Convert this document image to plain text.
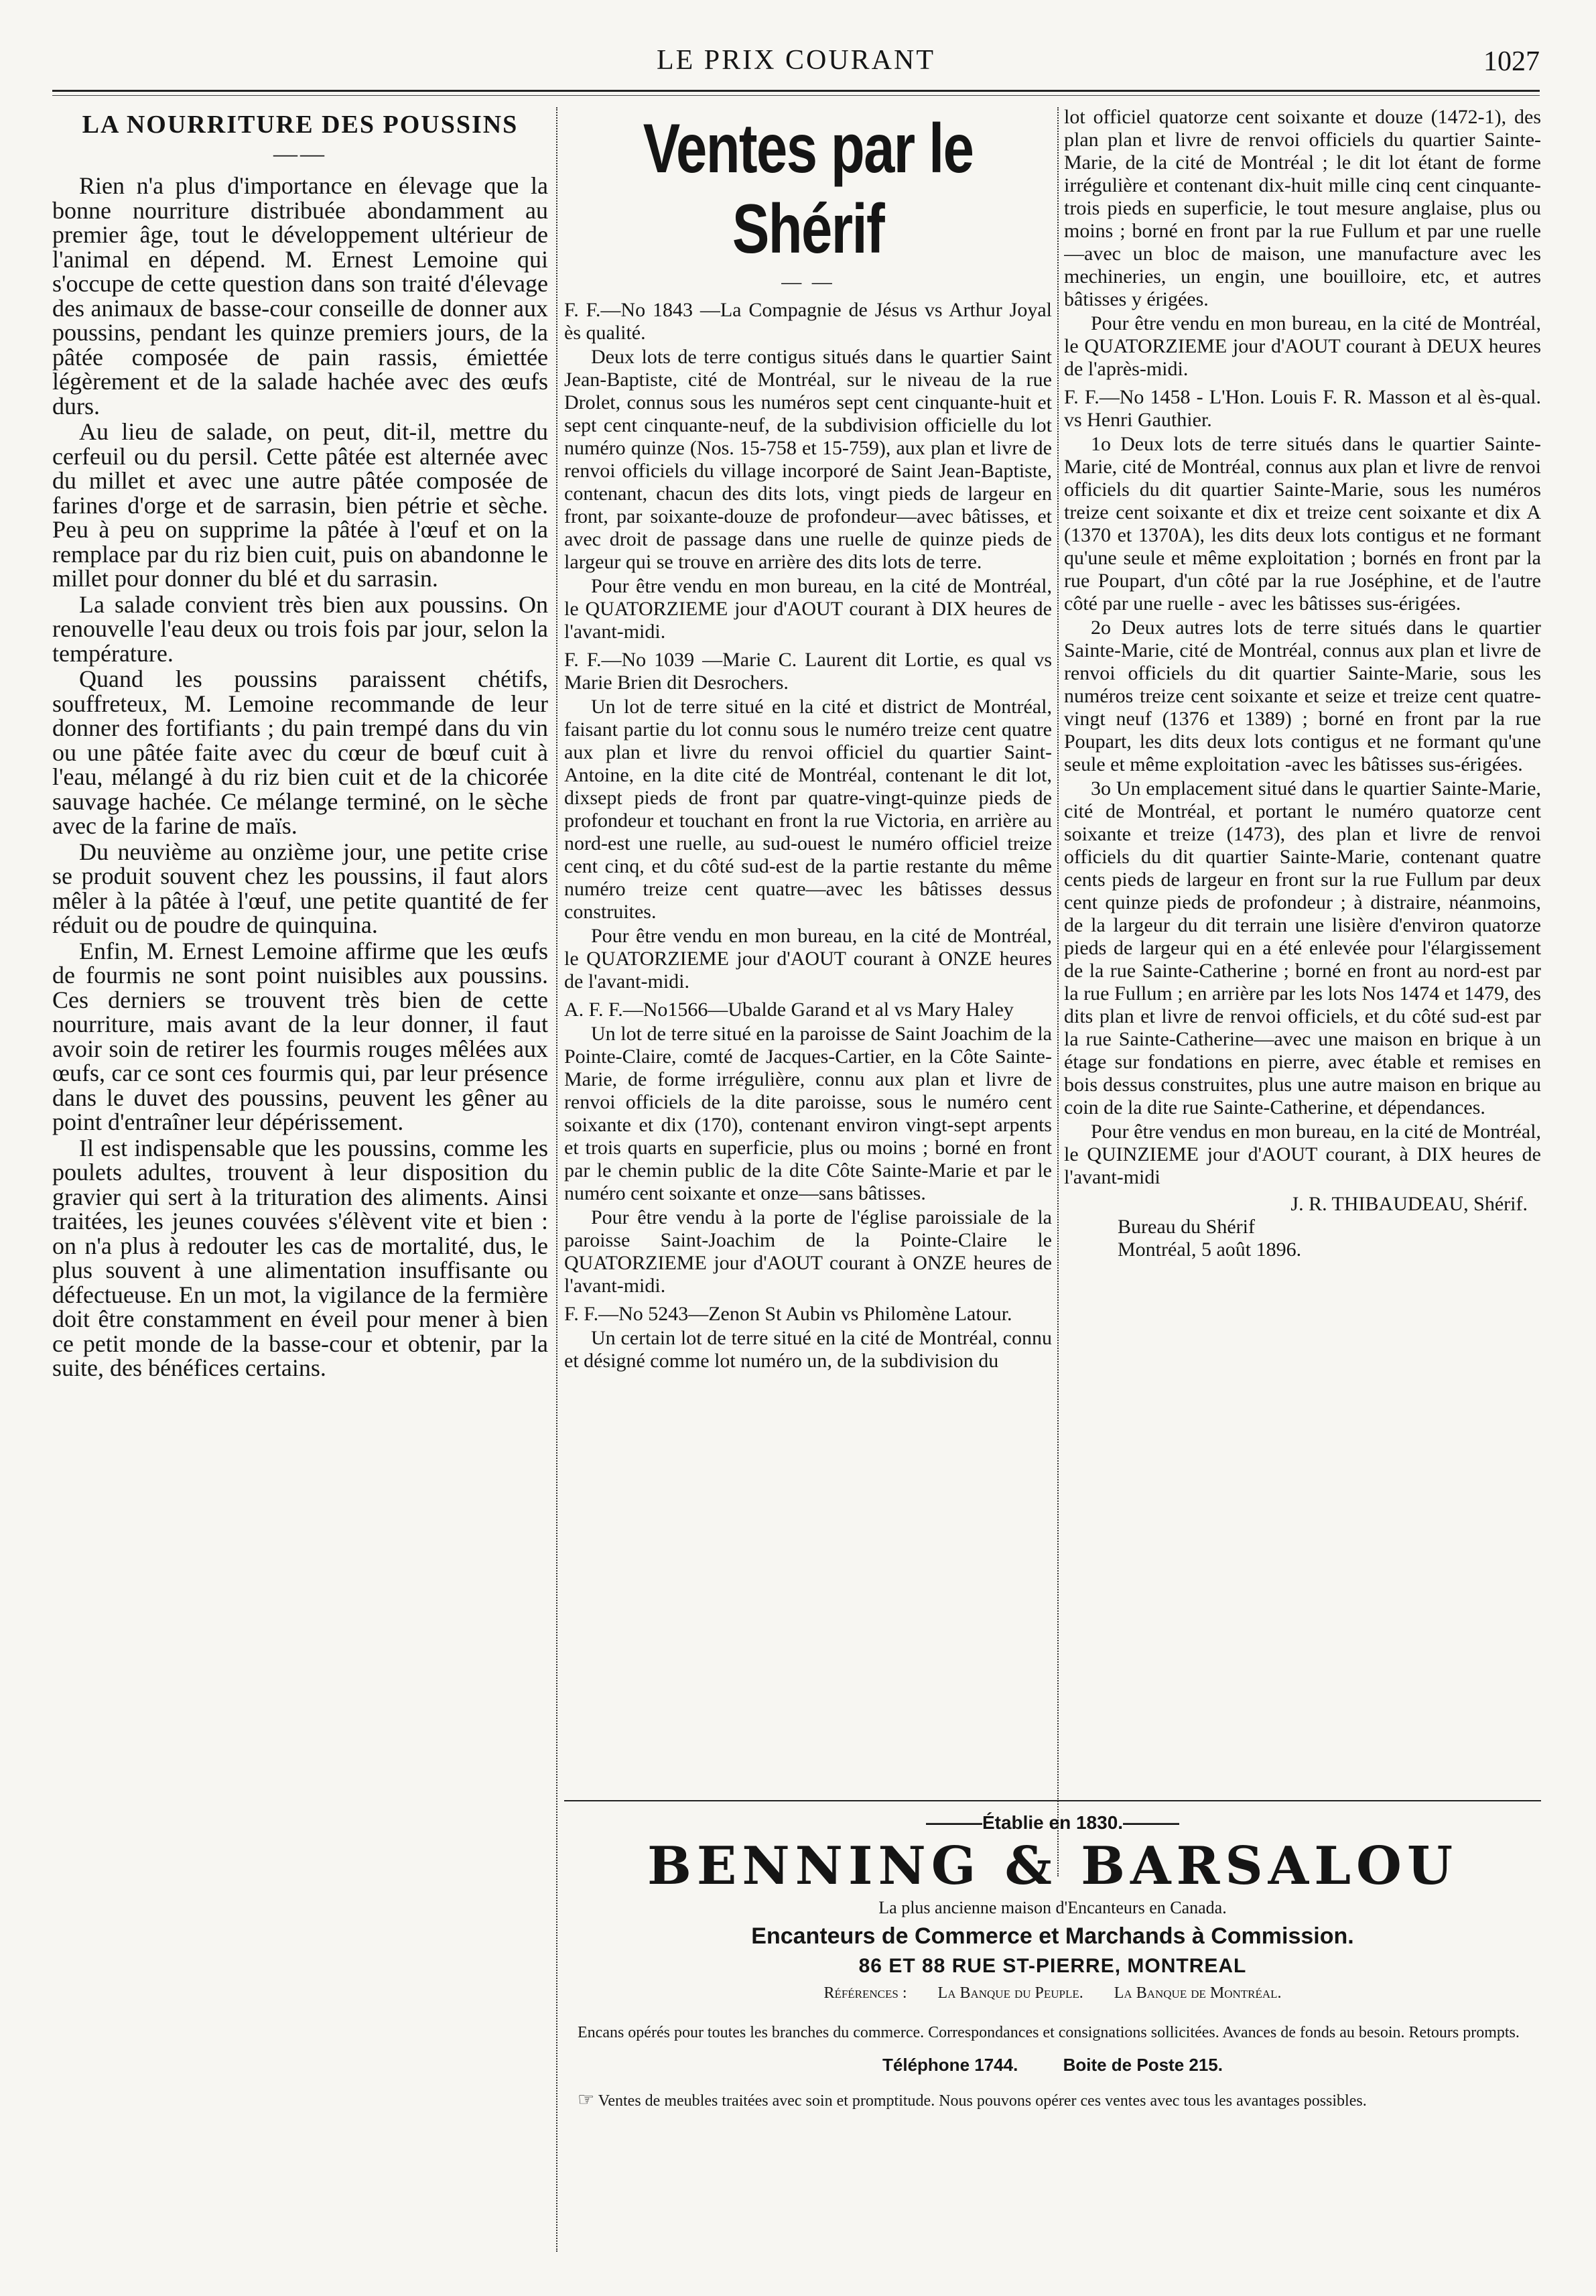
LE PRIX COURANT	1027
LA NOURRITURE DES POUSSINS
——

Rien n'a plus d'importance en élevage que la bonne nourriture distribuée abondamment au premier âge, tout le développement ultérieur de l'animal en dépend. M. Ernest Lemoine qui s'occupe de cette question dans son traité d'élevage des animaux de basse-cour conseille de donner aux poussins, pendant les quinze premiers jours, de la pâtée composée de pain rassis, émiettée légèrement et de la salade hachée avec des œufs durs.

Au lieu de salade, on peut, dit-il, mettre du cerfeuil ou du persil. Cette pâtée est alternée avec du millet et avec une autre pâtée composée de farines d'orge et de sarrasin, bien pétrie et sèche. Peu à peu on supprime la pâtée à l'œuf et on la remplace par du riz bien cuit, puis on abandonne le millet pour donner du blé et du sarrasin.

La salade convient très bien aux poussins. On renouvelle l'eau deux ou trois fois par jour, selon la température.

Quand les poussins paraissent chétifs, souffreteux, M. Lemoine recommande de leur donner des fortifiants ; du pain trempé dans du vin ou une pâtée faite avec du cœur de bœuf cuit à l'eau, mélangé à du riz bien cuit et de la chicorée sauvage hachée. Ce mélange terminé, on le sèche avec de la farine de maïs.

Du neuvième au onzième jour, une petite crise se produit souvent chez les poussins, il faut alors mêler à la pâtée à l'œuf, une petite quantité de fer réduit ou de poudre de quinquina.

Enfin, M. Ernest Lemoine affirme que les œufs de fourmis ne sont point nuisibles aux poussins. Ces derniers se trouvent très bien de cette nourriture, mais avant de la leur donner, il faut avoir soin de retirer les fourmis rouges mêlées aux œufs, car ce sont ces fourmis qui, par leur présence dans le duvet des poussins, peuvent les gêner au point d'entraîner leur dépérissement.

Il est indispensable que les poussins, comme les poulets adultes, trouvent à leur disposition du gravier qui sert à la trituration des aliments. Ainsi traitées, les jeunes couvées s'élèvent vite et bien : on n'a plus à redouter les cas de mortalité, dus, le plus souvent à une alimentation insuffisante ou défectueuse. En un mot, la vigilance de la fermière doit être constamment en éveil pour mener à bien ce petit monde de la basse-cour et obtenir, par la suite, des bénéfices certains.

Ventes par le Shérif
— —

F. F.—No 1843 —La Compagnie de Jésus vs Arthur Joyal ès qualité.

Deux lots de terre contigus situés dans le quartier Saint Jean-Baptiste, cité de Montréal, sur le niveau de la rue Drolet, connus sous les numéros sept cent cinquante-huit et sept cent cinquante-neuf, de la subdivision officielle du lot numéro quinze (Nos. 15-758 et 15-759), aux plan et livre de renvoi officiels du village incorporé de Saint Jean-Baptiste, contenant, chacun des dits lots, vingt pieds de largeur en front, par soixante-douze de profondeur—avec bâtisses, et avec droit de passage dans une ruelle de quinze pieds de largeur qui se trouve en arrière des dits lots de terre.

Pour être vendu en mon bureau, en la cité de Montréal, le QUATORZIEME jour d'AOUT courant à DIX heures de l'avant-midi.

F. F.—No 1039 —Marie C. Laurent dit Lortie, es qual vs Marie Brien dit Desrochers.

Un lot de terre situé en la cité et district de Montréal, faisant partie du lot connu sous le numéro treize cent quatre aux plan et livre du renvoi officiel du quartier Saint-Antoine, en la dite cité de Montréal, contenant le dit lot, dixsept pieds de front par quatre-vingt-quinze pieds de profondeur et touchant en front la rue Victoria, en arrière au nord-est une ruelle, au sud-ouest le numéro officiel treize cent cinq, et du côté sud-est de la partie restante du même numéro treize cent quatre—avec les bâtisses dessus construites.

Pour être vendu en mon bureau, en la cité de Montréal, le QUATORZIEME jour d'AOUT courant à ONZE heures de l'avant-midi.

A. F. F.—No1566—Ubalde Garand et al vs Mary Haley

Un lot de terre situé en la paroisse de Saint Joachim de la Pointe-Claire, comté de Jacques-Cartier, en la Côte Sainte-Marie, de forme irrégulière, connu aux plan et livre de renvoi officiels de la dite paroisse, sous le numéro cent soixante et dix (170), contenant environ vingt-sept arpents et trois quarts en superficie, plus ou moins ; borné en front par le chemin public de la dite Côte Sainte-Marie et par le numéro cent soixante et onze—sans bâtisses.

Pour être vendu à la porte de l'église paroissiale de la paroisse Saint-Joachim de la Pointe-Claire le QUATORZIEME jour d'AOUT courant à ONZE heures de l'avant-midi.

F. F.—No 5243—Zenon St Aubin vs Philomène Latour.

Un certain lot de terre situé en la cité de Montréal, connu et désigné comme lot numéro un, de la subdivision du

lot officiel quatorze cent soixante et douze (1472-1), des plan plan et livre de renvoi officiels du quartier Sainte-Marie, de la cité de Montréal ; le dit lot étant de forme irrégulière et contenant dix-huit mille cinq cent cinquante-trois pieds en superficie, le tout mesure anglaise, plus ou moins ; borné en front par la rue Fullum et par une ruelle—avec un bloc de maison, une manufacture avec les mechineries, un engin, une bouilloire, etc, et autres bâtisses y érigées.

Pour être vendu en mon bureau, en la cité de Montréal, le QUATORZIEME jour d'AOUT courant à DEUX heures de l'après-midi.

F. F.—No 1458 - L'Hon. Louis F. R. Masson et al ès-qual. vs Henri Gauthier.

1o Deux lots de terre situés dans le quartier Sainte-Marie, cité de Montréal, connus aux plan et livre de renvoi officiels du dit quartier Sainte-Marie, sous les numéros treize cent soixante et dix et treize cent soixante et dix A (1370 et 1370A), les dits deux lots contigus et ne formant qu'une seule et même exploitation ; bornés en front par la rue Poupart, d'un côté par la rue Joséphine, et de l'autre côté par une ruelle - avec les bâtisses sus-érigées.

2o Deux autres lots de terre situés dans le quartier Sainte-Marie, cité de Montréal, connus aux plan et livre de renvoi officiels du dit quartier Sainte-Marie, sous les numéros treize cent soixante et seize et treize cent quatre-vingt neuf (1376 et 1389) ; borné en front par la rue Poupart, les dits deux lots contigus et ne formant qu'une seule et même exploitation -avec les bâtisses sus-érigées.

3o Un emplacement situé dans le quartier Sainte-Marie, cité de Montréal, et portant le numéro quatorze cent soixante et treize (1473), des plan et livre de renvoi officiels du dit quartier Sainte-Marie, contenant quatre cents pieds de largeur en front sur la rue Fullum par deux cent quinze pieds de profondeur ; à distraire, néanmoins, de la largeur du dit terrain une lisière d'environ quatorze pieds de largeur qui en a été enlevée pour l'élargissement de la rue Sainte-Catherine ; borné en front au nord-est par la rue Fullum ; en arrière par les lots Nos 1474 et 1479, des dits plan et livre de renvoi officiels, et du côté sud-est par la rue Sainte-Catherine—avec une maison en brique à un étage sur fondations en pierre, avec étable et remises en bois dessus construites, plus une autre maison en brique au coin de la dite rue Sainte-Catherine, et dépendances.

Pour être vendus en mon bureau, en la cité de Montréal, le QUINZIEME jour d'AOUT courant, à DIX heures de l'avant-midi

J. R. THIBAUDEAU, Shérif.
Bureau du Shérif
Montréal, 5 août 1896.
———Établie en 1830.———
BENNING & BARSALOU
La plus ancienne maison d'Encanteurs en Canada.
Encanteurs de Commerce et Marchands à Commission.
86 ET 88 RUE ST-PIERRE, MONTREAL
Références : La Banque du Peuple. La Banque de Montréal.
Encans opérés pour toutes les branches du commerce. Correspondances et consignations sollicitées. Avances de fonds au besoin. Retours prompts.
Téléphone 1744.	Boite de Poste 215.
☞ Ventes de meubles traitées avec soin et promptitude. Nous pouvons opérer ces ventes avec tous les avantages possibles.
